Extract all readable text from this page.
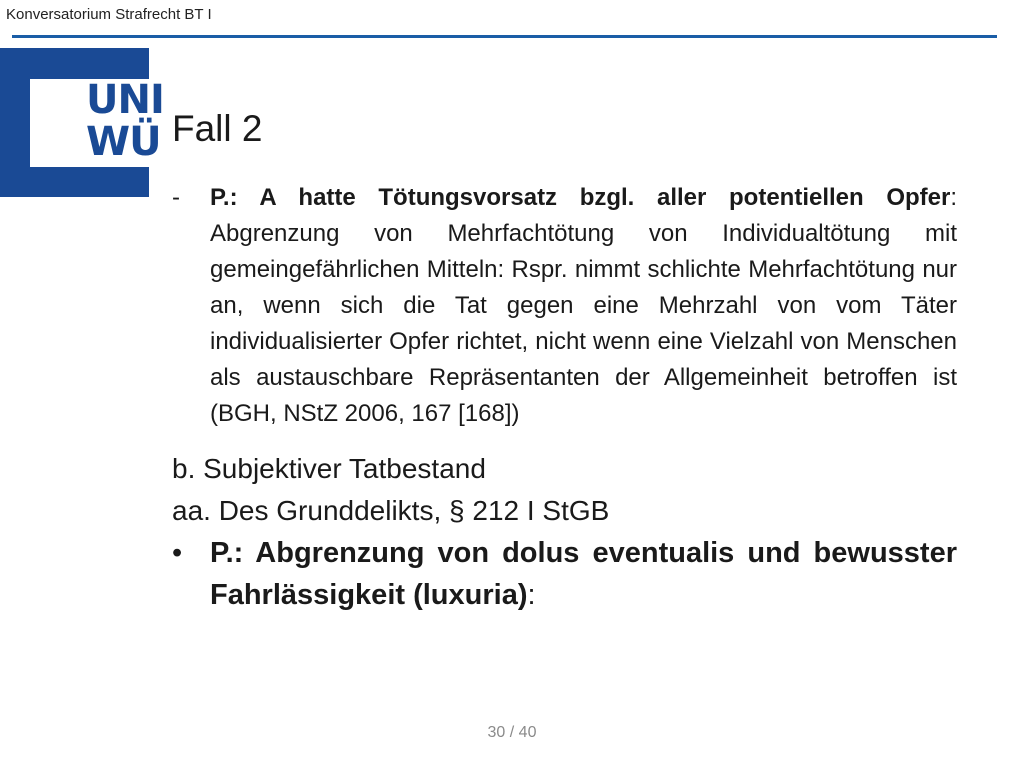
Konversatorium Strafrecht BT I
UNI
WÜ Fall 2
- P.: A hatte Tötungsvorsatz bzgl. aller potentiellen Opfer: Abgrenzung von Mehrfachtötung von Individualtötung mit gemeingefährlichen Mitteln: Rspr. nimmt schlichte Mehrfachtötung nur an, wenn sich die Tat gegen eine Mehrzahl von vom Täter individualisierter Opfer richtet, nicht wenn eine Vielzahl von Menschen als austauschbare Repräsentanten der Allgemeinheit betroffen ist (BGH, NStZ 2006, 167 [168])
b. Subjektiver Tatbestand
aa. Des Grunddelikts, § 212 I StGB
• P.: Abgrenzung von dolus eventualis und bewusster Fahrlässigkeit (luxuria):
30 / 40
